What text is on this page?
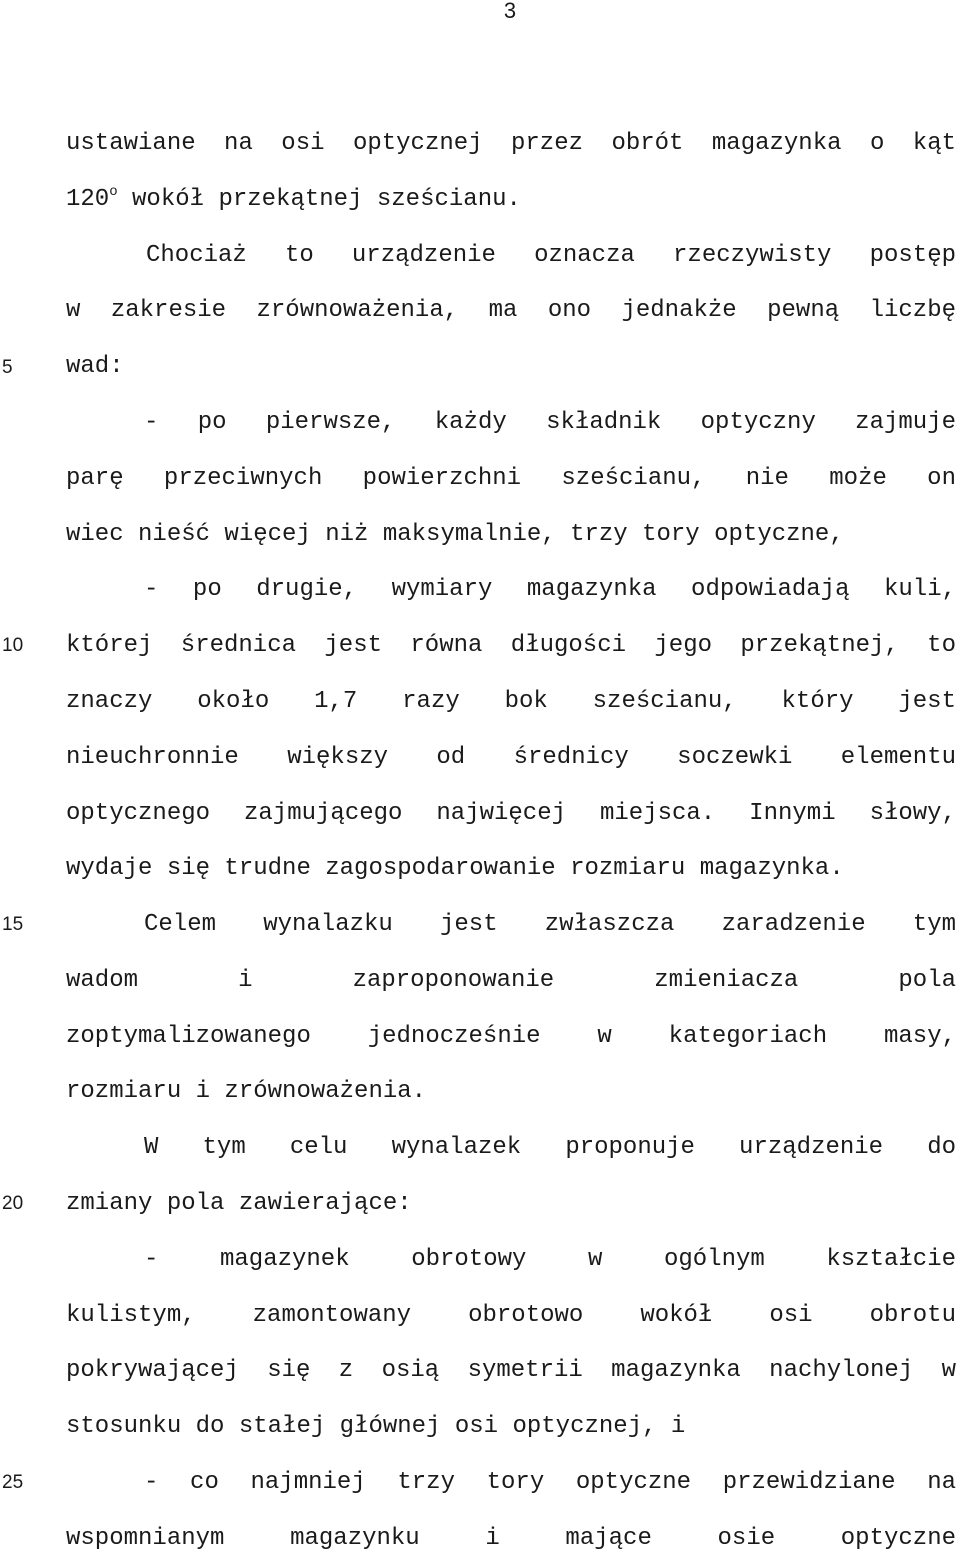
3
5
10
15
20
25
ustawiane na osi optycznej przez obrót magazynka o kąt
120$^o$ wokół przekątnej sześcianu.
Chociaż to urządzenie oznacza rzeczywisty postęp
w zakresie zrównoważenia, ma ono jednakże pewną liczbę
wad:
- po pierwsze, każdy składnik optyczny zajmuje
parę przeciwnych powierzchni sześcianu, nie może on
wiec nieść więcej niż maksymalnie, trzy tory optyczne,
- po drugie, wymiary magazynka odpowiadają kuli,
której średnica jest równa długości jego przekątnej, to
znaczy około 1,7 razy bok sześcianu, który jest
nieuchronnie większy od średnicy soczewki elementu
optycznego zajmującego najwięcej miejsca. Innymi słowy,
wydaje się trudne zagospodarowanie rozmiaru magazynka.
Celem wynalazku jest zwłaszcza zaradzenie tym
wadom i zaproponowanie zmieniacza pola
zoptymalizowanego jednocześnie w kategoriach masy,
rozmiaru i zrównoważenia.
W tym celu wynalazek proponuje urządzenie do
zmiany pola zawierające:
- magazynek obrotowy w ogólnym kształcie
kulistym, zamontowany obrotowo wokół osi obrotu
pokrywającej się z osią symetrii magazynka nachylonej w
stosunku do stałej głównej osi optycznej, i
- co najmniej trzy tory optyczne przewidziane na
wspomnianym magazynku i mające osie optyczne
